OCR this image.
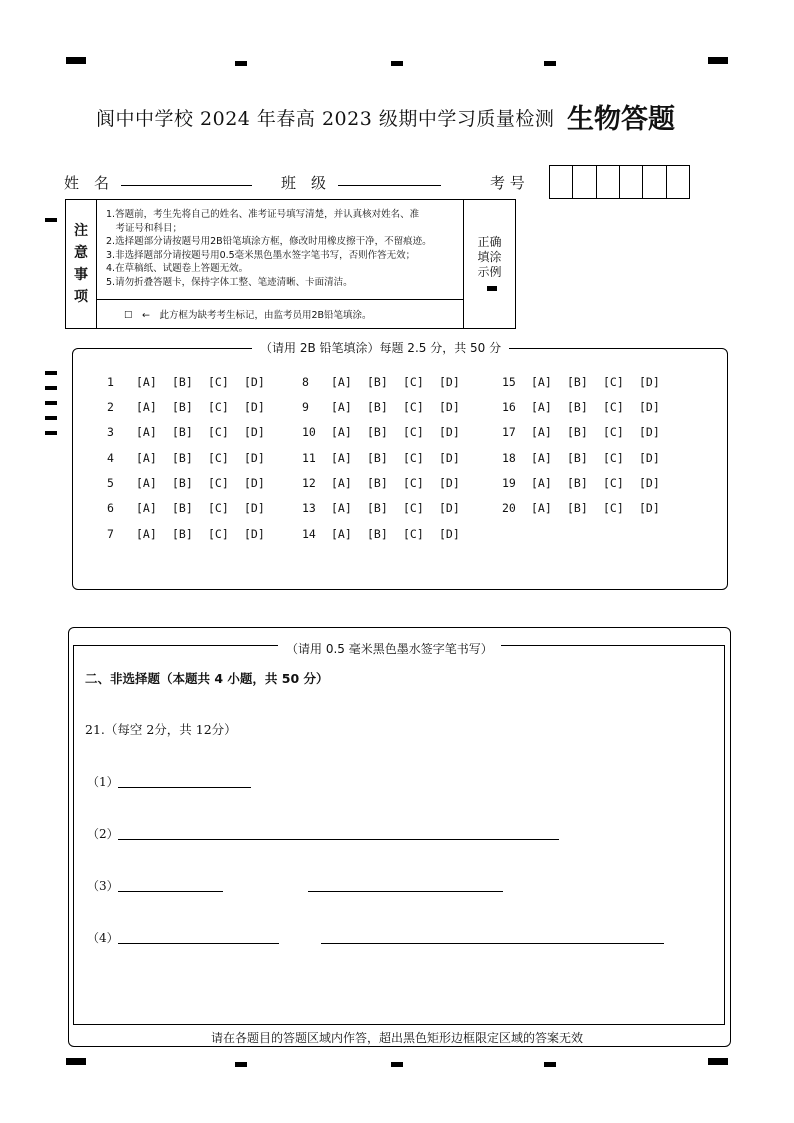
阆中中学校 2024 年春高 2023 级期中学习质量检测 生物答题
姓　名	班　级	考 号
注
意
事
项
1.答题前，考生先将自己的姓名、准考证号填写清楚，并认真核对姓名、准
　考证号和科目；
2.选择题部分请按题号用2B铅笔填涂方框，修改时用橡皮擦干净，不留痕迹。
3.非选择题部分请按题号用0.5毫米黑色墨水签字笔书写，否则作答无效；
4.在草稿纸、试题卷上答题无效。
5.请勿折叠答题卡，保持字体工整、笔迹清晰、卡面清洁。
☐　←　此方框为缺考考生标记，由监考员用2B铅笔填涂。
正确
填涂
示例
（请用 2B 铅笔填涂）每题 2.5 分，共 50 分
1 [A] [B] [C] [D]
2 [A] [B] [C] [D]
3 [A] [B] [C] [D]
4 [A] [B] [C] [D]
5 [A] [B] [C] [D]
6 [A] [B] [C] [D]
7 [A] [B] [C] [D]
8 [A] [B] [C] [D]
9 [A] [B] [C] [D]
10 [A] [B] [C] [D]
11 [A] [B] [C] [D]
12 [A] [B] [C] [D]
13 [A] [B] [C] [D]
14 [A] [B] [C] [D]
15 [A] [B] [C] [D]
16 [A] [B] [C] [D]
17 [A] [B] [C] [D]
18 [A] [B] [C] [D]
19 [A] [B] [C] [D]
20 [A] [B] [C] [D]
（请用 0.5 毫米黑色墨水签字笔书写）
二、非选择题（本题共 4 小题，共 50 分）
21.（每空 2分，共 12分）
（1）
（2）
（3）
（4）
请在各题目的答题区域内作答，超出黑色矩形边框限定区域的答案无效
